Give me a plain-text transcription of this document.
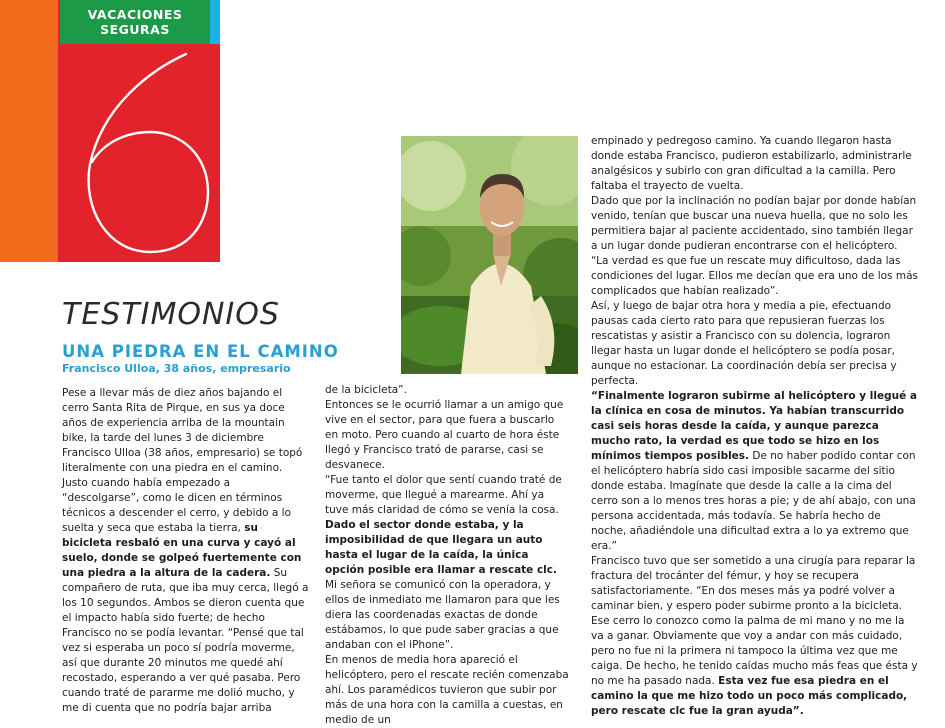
VACACIONES
SEGURAS
TESTIMONIOS
UNA PIEDRA EN EL CAMINO
Francisco Ulloa, 38 años, empresario

Pese a llevar más de diez años bajando el cerro Santa Rita de Pirque, en sus ya doce años de experiencia arriba de la mountain bike, la tarde del lunes 3 de diciembre Francisco Ulloa (38 años, empresario) se topó literalmente con una piedra en el camino.

Justo cuando había empezado a “descolgarse”, como le dicen en términos técnicos a descender el cerro, y debido a lo suelta y seca que estaba la tierra, su bicicleta resbaló en una curva y cayó al suelo, donde se golpeó fuertemente con una piedra a la altura de la cadera. Su compañero de ruta, que iba muy cerca, llegó a los 10 segundos. Ambos se dieron cuenta que el impacto había sido fuerte; de hecho Francisco no se podía levantar. “Pensé que tal vez si esperaba un poco sí podría moverme, así que durante 20 minutos me quedé ahí recostado, esperando a ver qué pasaba. Pero cuando traté de pararme me dolió mucho, y me di cuenta que no podría bajar arriba

de la bicicleta”.

Entonces se le ocurrió llamar a un amigo que vive en el sector, para que fuera a buscarlo en moto. Pero cuando al cuarto de hora éste llegó y Francisco trató de pararse, casi se desvanece.

“Fue tanto el dolor que sentí cuando traté de moverme, que llegué a marearme. Ahí ya tuve más claridad de cómo se venía la cosa. Dado el sector donde estaba, y la imposibilidad de que llegara un auto hasta el lugar de la caída, la única opción posible era llamar a rescate clc. Mi señora se comunicó con la operadora, y ellos de inmediato me llamaron para que les diera las coordenadas exactas de donde estábamos, lo que pude saber gracias a que andaban con el iPhone”.

En menos de media hora apareció el helicóptero, pero el rescate recién comenzaba ahí. Los paramédicos tuvieron que subir por más de una hora con la camilla a cuestas, en medio de un

empinado y pedregoso camino. Ya cuando llegaron hasta donde estaba Francisco, pudieron estabilizarlo, administrarle analgésicos y subirlo con gran dificultad a la camilla. Pero faltaba el trayecto de vuelta.

Dado que por la inclinación no podían bajar por donde habían venido, tenían que buscar una nueva huella, que no solo les permitiera bajar al paciente accidentado, sino también llegar a un lugar donde pudieran encontrarse con el helicóptero.

“La verdad es que fue un rescate muy dificultoso, dada las condiciones del lugar. Ellos me decían que era uno de los más complicados que habían realizado”.

Así, y luego de bajar otra hora y media a pie, efectuando pausas cada cierto rato para que repusieran fuerzas los rescatistas y asistir a Francisco con su dolencia, lograron llegar hasta un lugar donde el helicóptero se podía posar, aunque no estacionar. La coordinación debía ser precisa y perfecta.

“Finalmente lograron subirme al helicóptero y llegué a la clínica en cosa de minutos. Ya habían transcurrido casi seis horas desde la caída, y aunque parezca mucho rato, la verdad es que todo se hizo en los mínimos tiempos posibles. De no haber podido contar con el helicóptero habría sido casi imposible sacarme del sitio donde estaba. Imagínate que desde la calle a la cima del cerro son a lo menos tres horas a pie; y de ahí abajo, con una persona accidentada, más todavía. Se habría hecho de noche, añadiéndole una dificultad extra a lo ya extremo que era.”

Francisco tuvo que ser sometido a una cirugía para reparar la fractura del trocánter del fémur, y hoy se recupera satisfactoriamente. “En dos meses más ya podré volver a caminar bien, y espero poder subirme pronto a la bicicleta. Ese cerro lo conozco como la palma de mi mano y no me la va a ganar. Obviamente que voy a andar con más cuidado, pero no fue ni la primera ni tampoco la última vez que me caiga. De hecho, he tenido caídas mucho más feas que ésta y no me ha pasado nada. Esta vez fue esa piedra en el camino la que me hizo todo un poco más complicado, pero rescate clc fue la gran ayuda”.
